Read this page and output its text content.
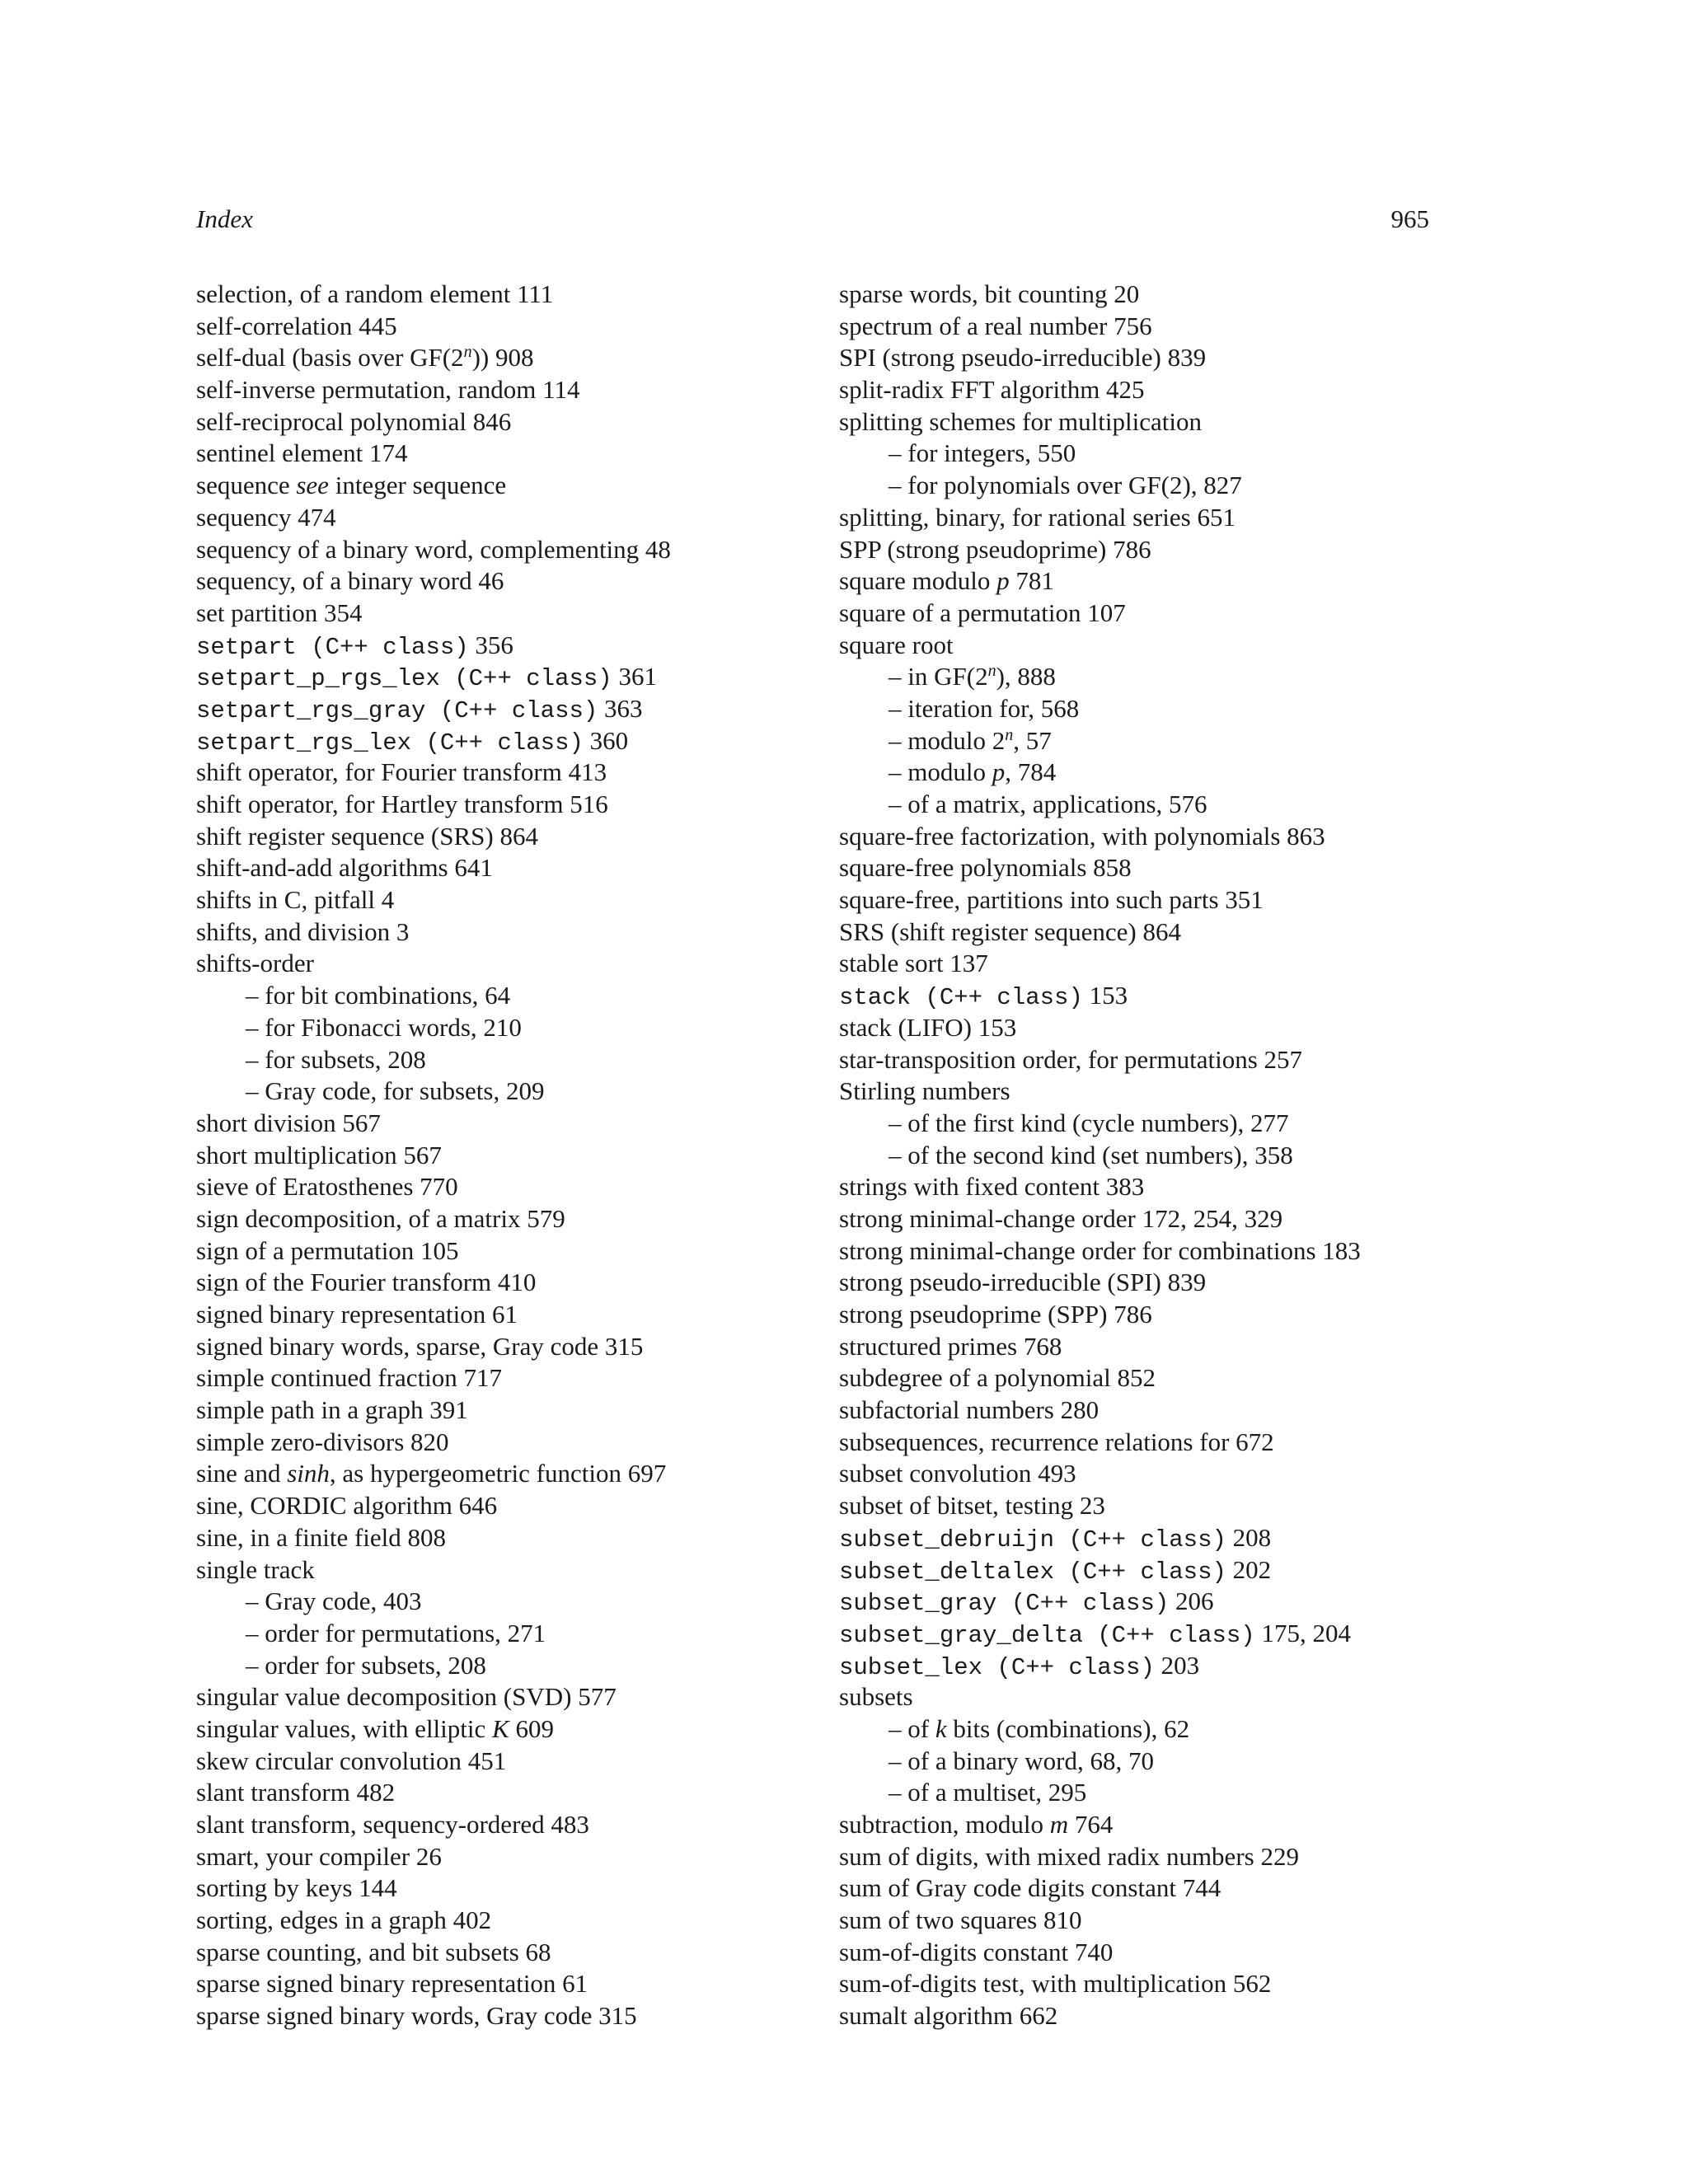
Index	965
selection, of a random element 111
self-correlation 445
self-dual (basis over GF(2$^n$)) 908
self-inverse permutation, random 114
self-reciprocal polynomial 846
sentinel element 174
sequence see integer sequence
sequency 474
sequency of a binary word, complementing 48
sequency, of a binary word 46
set partition 354
setpart (C++ class) 356
setpart_p_rgs_lex (C++ class) 361
setpart_rgs_gray (C++ class) 363
setpart_rgs_lex (C++ class) 360
shift operator, for Fourier transform 413
shift operator, for Hartley transform 516
shift register sequence (SRS) 864
shift-and-add algorithms 641
shifts in C, pitfall 4
shifts, and division 3
shifts-order
– for bit combinations, 64
– for Fibonacci words, 210
– for subsets, 208
– Gray code, for subsets, 209
short division 567
short multiplication 567
sieve of Eratosthenes 770
sign decomposition, of a matrix 579
sign of a permutation 105
sign of the Fourier transform 410
signed binary representation 61
signed binary words, sparse, Gray code 315
simple continued fraction 717
simple path in a graph 391
simple zero-divisors 820
sine and sinh, as hypergeometric function 697
sine, CORDIC algorithm 646
sine, in a finite field 808
single track
– Gray code, 403
– order for permutations, 271
– order for subsets, 208
singular value decomposition (SVD) 577
singular values, with elliptic K 609
skew circular convolution 451
slant transform 482
slant transform, sequency-ordered 483
smart, your compiler 26
sorting by keys 144
sorting, edges in a graph 402
sparse counting, and bit subsets 68
sparse signed binary representation 61
sparse signed binary words, Gray code 315
sparse words, bit counting 20
spectrum of a real number 756
SPI (strong pseudo-irreducible) 839
split-radix FFT algorithm 425
splitting schemes for multiplication
– for integers, 550
– for polynomials over GF(2), 827
splitting, binary, for rational series 651
SPP (strong pseudoprime) 786
square modulo p 781
square of a permutation 107
square root
– in GF(2$^n$), 888
– iteration for, 568
– modulo 2$^n$, 57
– modulo p, 784
– of a matrix, applications, 576
square-free factorization, with polynomials 863
square-free polynomials 858
square-free, partitions into such parts 351
SRS (shift register sequence) 864
stable sort 137
stack (C++ class) 153
stack (LIFO) 153
star-transposition order, for permutations 257
Stirling numbers
– of the first kind (cycle numbers), 277
– of the second kind (set numbers), 358
strings with fixed content 383
strong minimal-change order 172, 254, 329
strong minimal-change order for combinations 183
strong pseudo-irreducible (SPI) 839
strong pseudoprime (SPP) 786
structured primes 768
subdegree of a polynomial 852
subfactorial numbers 280
subsequences, recurrence relations for 672
subset convolution 493
subset of bitset, testing 23
subset_debruijn (C++ class) 208
subset_deltalex (C++ class) 202
subset_gray (C++ class) 206
subset_gray_delta (C++ class) 175, 204
subset_lex (C++ class) 203
subsets
– of k bits (combinations), 62
– of a binary word, 68, 70
– of a multiset, 295
subtraction, modulo m 764
sum of digits, with mixed radix numbers 229
sum of Gray code digits constant 744
sum of two squares 810
sum-of-digits constant 740
sum-of-digits test, with multiplication 562
sumalt algorithm 662
